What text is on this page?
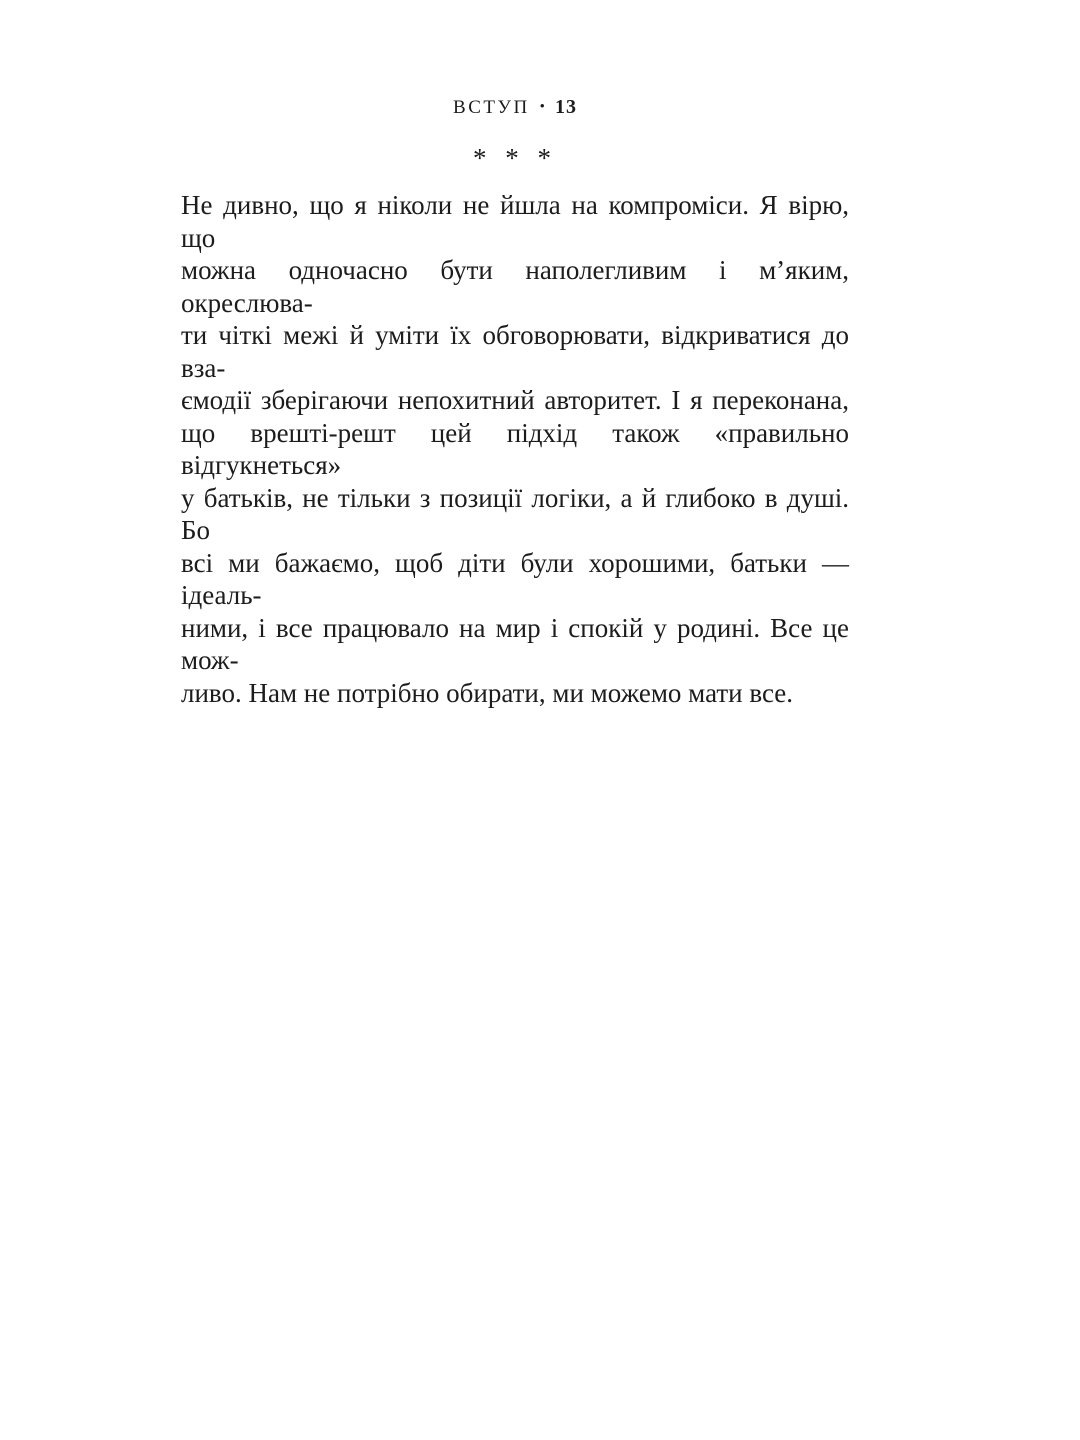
ВСТУП • 13
* * *
Не дивно, що я ніколи не йшла на компроміси. Я вірю, що
можна одночасно бути наполегливим і м’яким, окреслюва-
ти чіткі межі й уміти їх обговорювати, відкриватися до вза-
ємодії зберігаючи непохитний авторитет. І я переконана,
що врешті-решт цей підхід також «правильно відгукнеться»
у батьків, не тільки з позиції логіки, а й глибоко в душі. Бо
всі ми бажаємо, щоб діти були хорошими, батьки — ідеаль-
ними, і все працювало на мир і спокій у родині. Все це мож-
ливо. Нам не потрібно обирати, ми можемо мати все.
